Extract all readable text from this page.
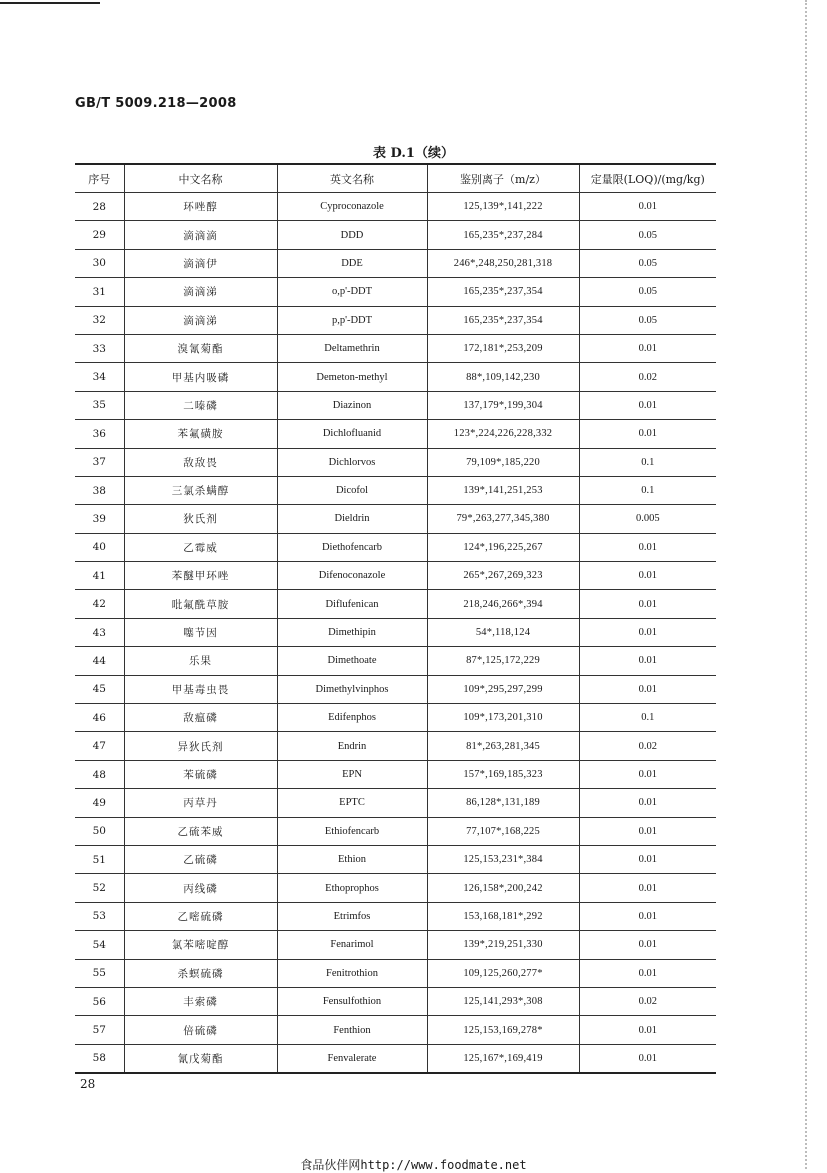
GB/T 5009.218—2008
表 D.1（续）
序号	中文名称	英文名称	鉴别离子（m/z）	定量限(LOQ)/(mg/kg)
28	环唑醇	Cyproconazole	125,139*,141,222	0.01
29	滴滴滴	DDD	165,235*,237,284	0.05
30	滴滴伊	DDE	246*,248,250,281,318	0.05
31	滴滴涕	o,p'-DDT	165,235*,237,354	0.05
32	滴滴涕	p,p'-DDT	165,235*,237,354	0.05
33	溴氰菊酯	Deltamethrin	172,181*,253,209	0.01
34	甲基内吸磷	Demeton-methyl	88*,109,142,230	0.02
35	二嗪磷	Diazinon	137,179*,199,304	0.01
36	苯氟磺胺	Dichlofluanid	123*,224,226,228,332	0.01
37	敌敌畏	Dichlorvos	79,109*,185,220	0.1
38	三氯杀螨醇	Dicofol	139*,141,251,253	0.1
39	狄氏剂	Dieldrin	79*,263,277,345,380	0.005
40	乙霉威	Diethofencarb	124*,196,225,267	0.01
41	苯醚甲环唑	Difenoconazole	265*,267,269,323	0.01
42	吡氟酰草胺	Diflufenican	218,246,266*,394	0.01
43	噻节因	Dimethipin	54*,118,124	0.01
44	乐果	Dimethoate	87*,125,172,229	0.01
45	甲基毒虫畏	Dimethylvinphos	109*,295,297,299	0.01
46	敌瘟磷	Edifenphos	109*,173,201,310	0.1
47	异狄氏剂	Endrin	81*,263,281,345	0.02
48	苯硫磷	EPN	157*,169,185,323	0.01
49	丙草丹	EPTC	86,128*,131,189	0.01
50	乙硫苯威	Ethiofencarb	77,107*,168,225	0.01
51	乙硫磷	Ethion	125,153,231*,384	0.01
52	丙线磷	Ethoprophos	126,158*,200,242	0.01
53	乙嘧硫磷	Etrimfos	153,168,181*,292	0.01
54	氯苯嘧啶醇	Fenarimol	139*,219,251,330	0.01
55	杀螟硫磷	Fenitrothion	109,125,260,277*	0.01
56	丰索磷	Fensulfothion	125,141,293*,308	0.02
57	倍硫磷	Fenthion	125,153,169,278*	0.01
58	氰戊菊酯	Fenvalerate	125,167*,169,419	0.01
28
食品伙伴网http://www.foodmate.net
